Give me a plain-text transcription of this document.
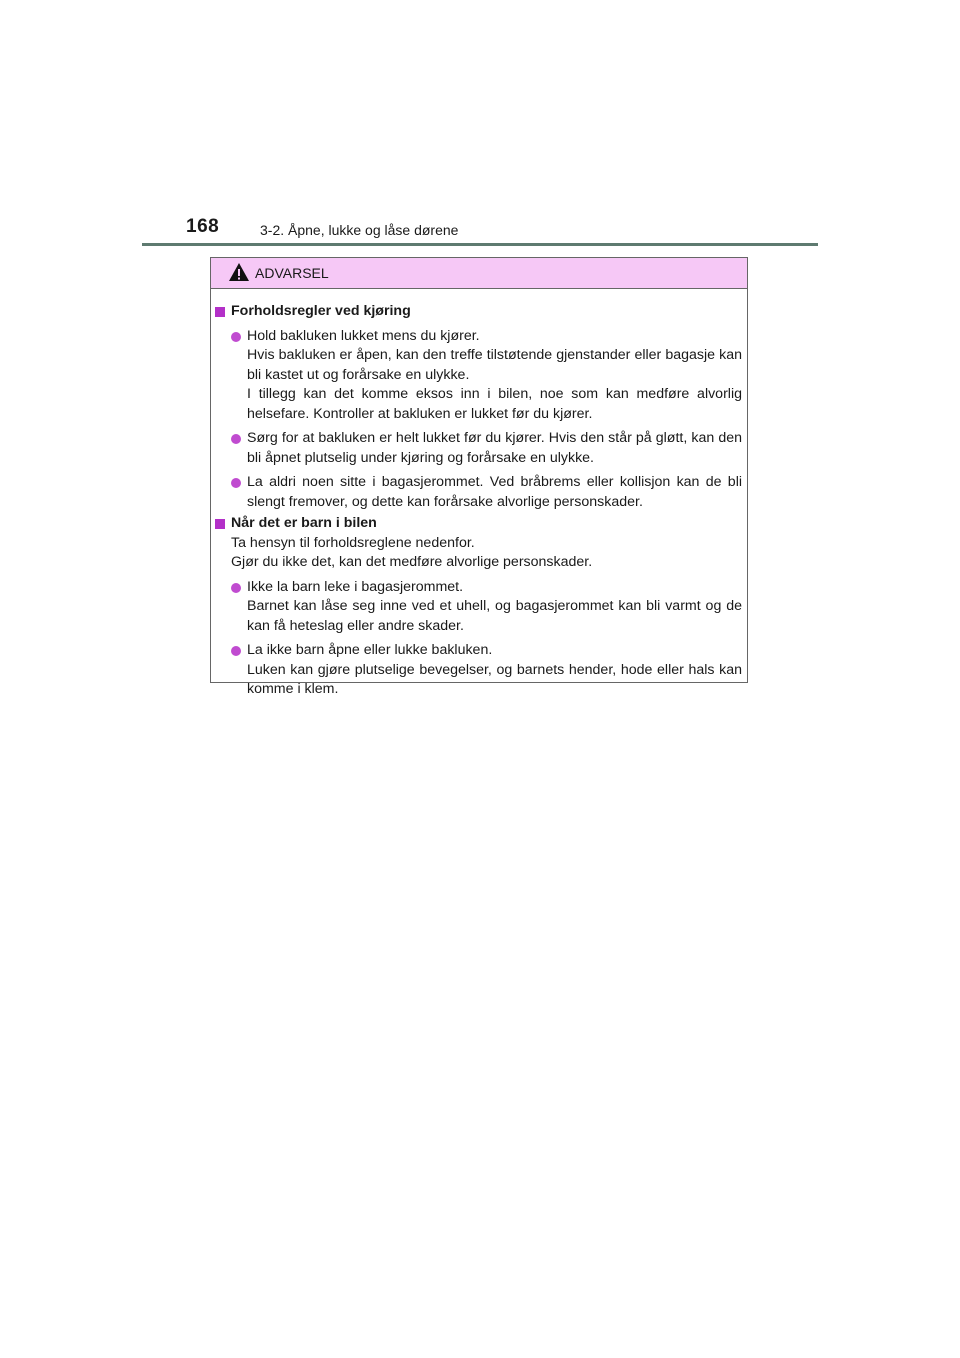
168	3-2. Åpne, lukke og låse dørene
ADVARSEL

Forholdsregler ved kjøring

Hold bakluken lukket mens du kjører.

Hvis bakluken er åpen, kan den treffe tilstøtende gjenstander eller bagasje kan bli kastet ut og forårsake en ulykke.

I tillegg kan det komme eksos inn i bilen, noe som kan medføre alvorlig helsefare. Kontroller at bakluken er lukket før du kjører.

Sørg for at bakluken er helt lukket før du kjører. Hvis den står på gløtt, kan den bli åpnet plutselig under kjøring og forårsake en ulykke.

La aldri noen sitte i bagasjerommet. Ved bråbrems eller kollisjon kan de bli slengt fremover, og dette kan forårsake alvorlige personskader.

Når det er barn i bilen

Ta hensyn til forholdsreglene nedenfor.

Gjør du ikke det, kan det medføre alvorlige personskader.

Ikke la barn leke i bagasjerommet.

Barnet kan låse seg inne ved et uhell, og bagasjerommet kan bli varmt og de kan få heteslag eller andre skader.

La ikke barn åpne eller lukke bakluken.

Luken kan gjøre plutselige bevegelser, og barnets hender, hode eller hals kan komme i klem.
